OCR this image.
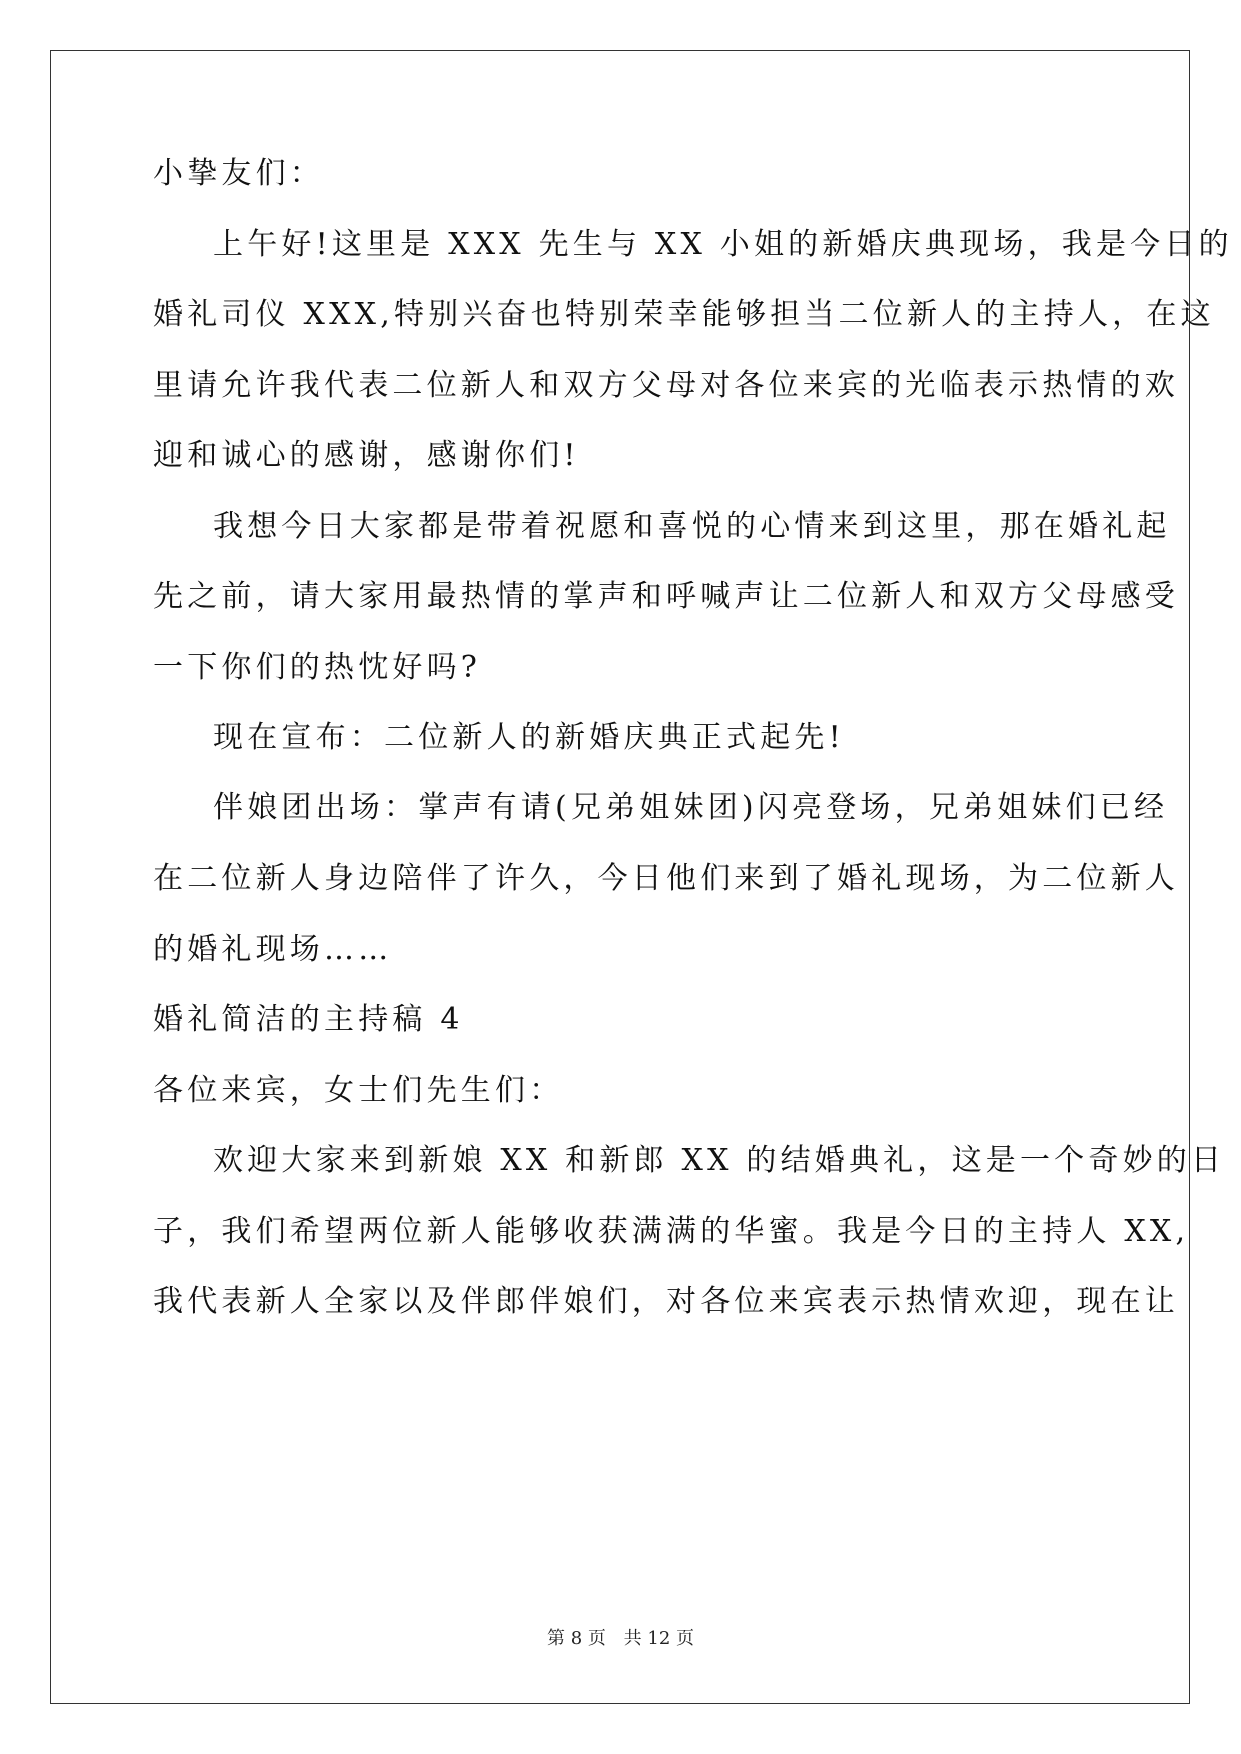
小挚友们：
上午好!这里是 XXX 先生与 XX 小姐的新婚庆典现场，我是今日的
婚礼司仪 XXX,特别兴奋也特别荣幸能够担当二位新人的主持人，在这
里请允许我代表二位新人和双方父母对各位来宾的光临表示热情的欢
迎和诚心的感谢，感谢你们!
我想今日大家都是带着祝愿和喜悦的心情来到这里，那在婚礼起
先之前，请大家用最热情的掌声和呼喊声让二位新人和双方父母感受
一下你们的热忱好吗?
现在宣布：二位新人的新婚庆典正式起先!
伴娘团出场：掌声有请(兄弟姐妹团)闪亮登场，兄弟姐妹们已经
在二位新人身边陪伴了许久，今日他们来到了婚礼现场，为二位新人
的婚礼现场……
婚礼简洁的主持稿 4
各位来宾，女士们先生们：
欢迎大家来到新娘 XX 和新郎 XX 的结婚典礼，这是一个奇妙的日
子，我们希望两位新人能够收获满满的华蜜。我是今日的主持人 XX,
我代表新人全家以及伴郎伴娘们，对各位来宾表示热情欢迎，现在让
第 8 页 共 12 页
